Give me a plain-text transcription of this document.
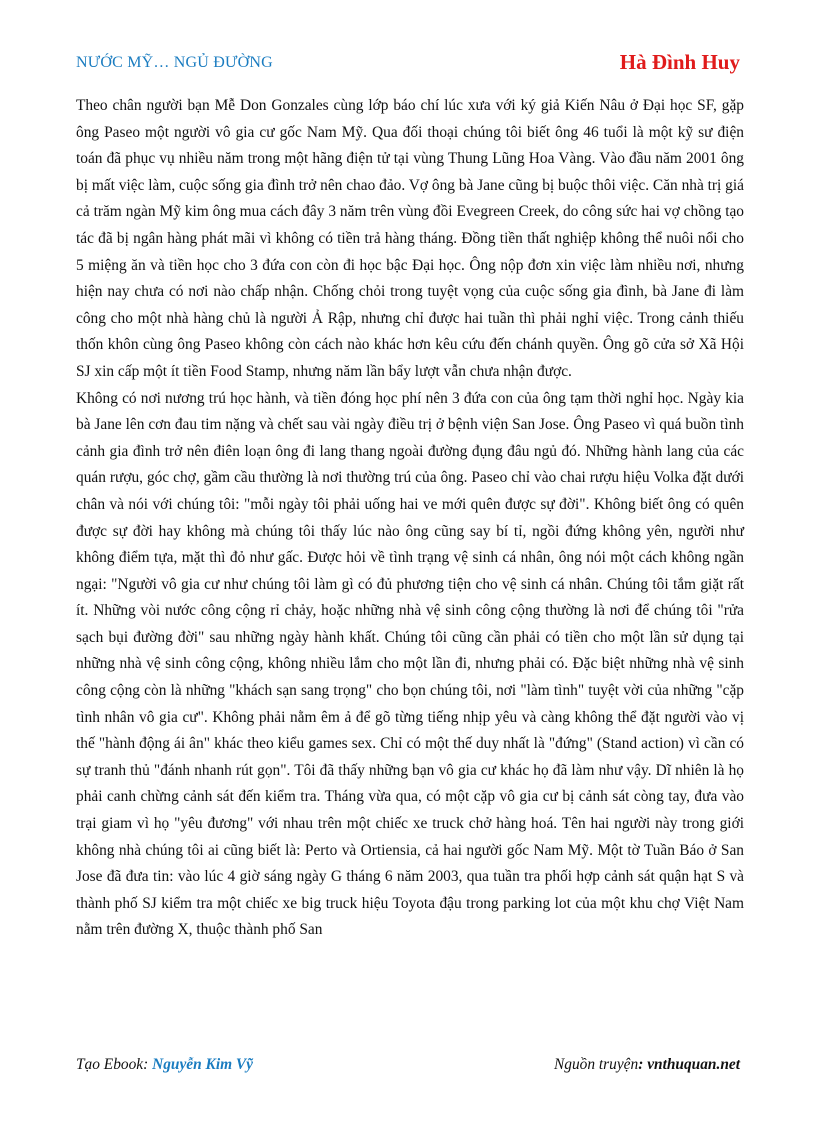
NƯỚC MỸ… NGỦ ĐƯỜNG	Hà Đình Huy

Theo chân người bạn Mễ Don Gonzales cùng lớp báo chí lúc xưa với ký giả Kiến Nâu ở Đại học SF, gặp ông Paseo một người vô gia cư gốc Nam Mỹ. Qua đối thoại chúng tôi biết ông 46 tuổi là một kỹ sư điện toán đã phục vụ nhiều năm trong một hãng điện tử tại vùng Thung Lũng Hoa Vàng. Vào đầu năm 2001 ông bị mất việc làm, cuộc sống gia đình trở nên chao đảo. Vợ ông bà Jane cũng bị buộc thôi việc. Căn nhà trị giá cả trăm ngàn Mỹ kim ông mua cách đây 3 năm trên vùng đồi Evegreen Creek, do công sức hai vợ chồng tạo tác đã bị ngân hàng phát mãi vì không có tiền trả hàng tháng. Đồng tiền thất nghiệp không thể nuôi nổi cho 5 miệng ăn và tiền học cho 3 đứa con còn đi học bậc Đại học. Ông nộp đơn xin việc làm nhiều nơi, nhưng hiện nay chưa có nơi nào chấp nhận. Chống chỏi trong tuyệt vọng của cuộc sống gia đình, bà Jane đi làm công cho một nhà hàng chủ là người Ả Rập, nhưng chỉ được hai tuần thì phải nghỉ việc. Trong cảnh thiếu thốn khôn cùng ông Paseo không còn cách nào khác hơn kêu cứu đến chánh quyền. Ông gõ cửa sở Xã Hội SJ xin cấp một ít tiền Food Stamp, nhưng năm lần bẩy lượt vẫn chưa nhận được.

Không có nơi nương trú học hành, và tiền đóng học phí nên 3 đứa con của ông tạm thời nghỉ học. Ngày kia bà Jane lên cơn đau tim nặng và chết sau vài ngày điều trị ở bệnh viện San Jose. Ông Paseo vì quá buồn tình cảnh gia đình trở nên điên loạn ông đi lang thang ngoài đường đụng đâu ngủ đó. Những hành lang của các quán rượu, góc chợ, gầm cầu thường là nơi thường trú của ông. Paseo chỉ vào chai rượu hiệu Volka đặt dưới chân và nói với chúng tôi: "mỗi ngày tôi phải uống hai ve mới quên được sự đời". Không biết ông có quên được sự đời hay không mà chúng tôi thấy lúc nào ông cũng say bí tỉ, ngồi đứng không yên, người như không điểm tựa, mặt thì đỏ như gấc. Được hỏi về tình trạng vệ sinh cá nhân, ông nói một cách không ngần ngại: "Người vô gia cư như chúng tôi làm gì có đủ phương tiện cho vệ sinh cá nhân. Chúng tôi tắm giặt rất ít. Những vòi nước công cộng rỉ chảy, hoặc những nhà vệ sinh công cộng thường là nơi để chúng tôi "rửa sạch bụi đường đời" sau những ngày hành khất. Chúng tôi cũng cần phải có tiền cho một lần sử dụng tại những nhà vệ sinh công cộng, không nhiều lắm cho một lần đi, nhưng phải có. Đặc biệt những nhà vệ sinh công cộng còn là những "khách sạn sang trọng" cho bọn chúng tôi, nơi "làm tình" tuyệt vời của những "cặp tình nhân vô gia cư". Không phải nằm êm ả để gõ từng tiếng nhịp yêu và càng không thể đặt người vào vị thế "hành động ái ân" khác theo kiểu games sex. Chỉ có một thế duy nhất là "đứng" (Stand action) vì cần có sự tranh thủ "đánh nhanh rút gọn". Tôi đã thấy những bạn vô gia cư khác họ đã làm như vậy. Dĩ nhiên là họ phải canh chừng cảnh sát đến kiểm tra. Tháng vừa qua, có một cặp vô gia cư bị cảnh sát còng tay, đưa vào trại giam vì họ "yêu đương" với nhau trên một chiếc xe truck chở hàng hoá. Tên hai người này trong giới không nhà chúng tôi ai cũng biết là: Perto và Ortiensia, cả hai người gốc Nam Mỹ. Một tờ Tuần Báo ở San Jose đã đưa tin: vào lúc 4 giờ sáng ngày G tháng 6 năm 2003, qua tuần tra phối hợp cảnh sát quận hạt S và thành phố SJ kiểm tra một chiếc xe big truck hiệu Toyota đậu trong parking lot của một khu chợ Việt Nam nằm trên đường X, thuộc thành phố San

Tạo Ebook: Nguyễn Kim Vỹ	Nguồn truyện: vnthuquan.net
